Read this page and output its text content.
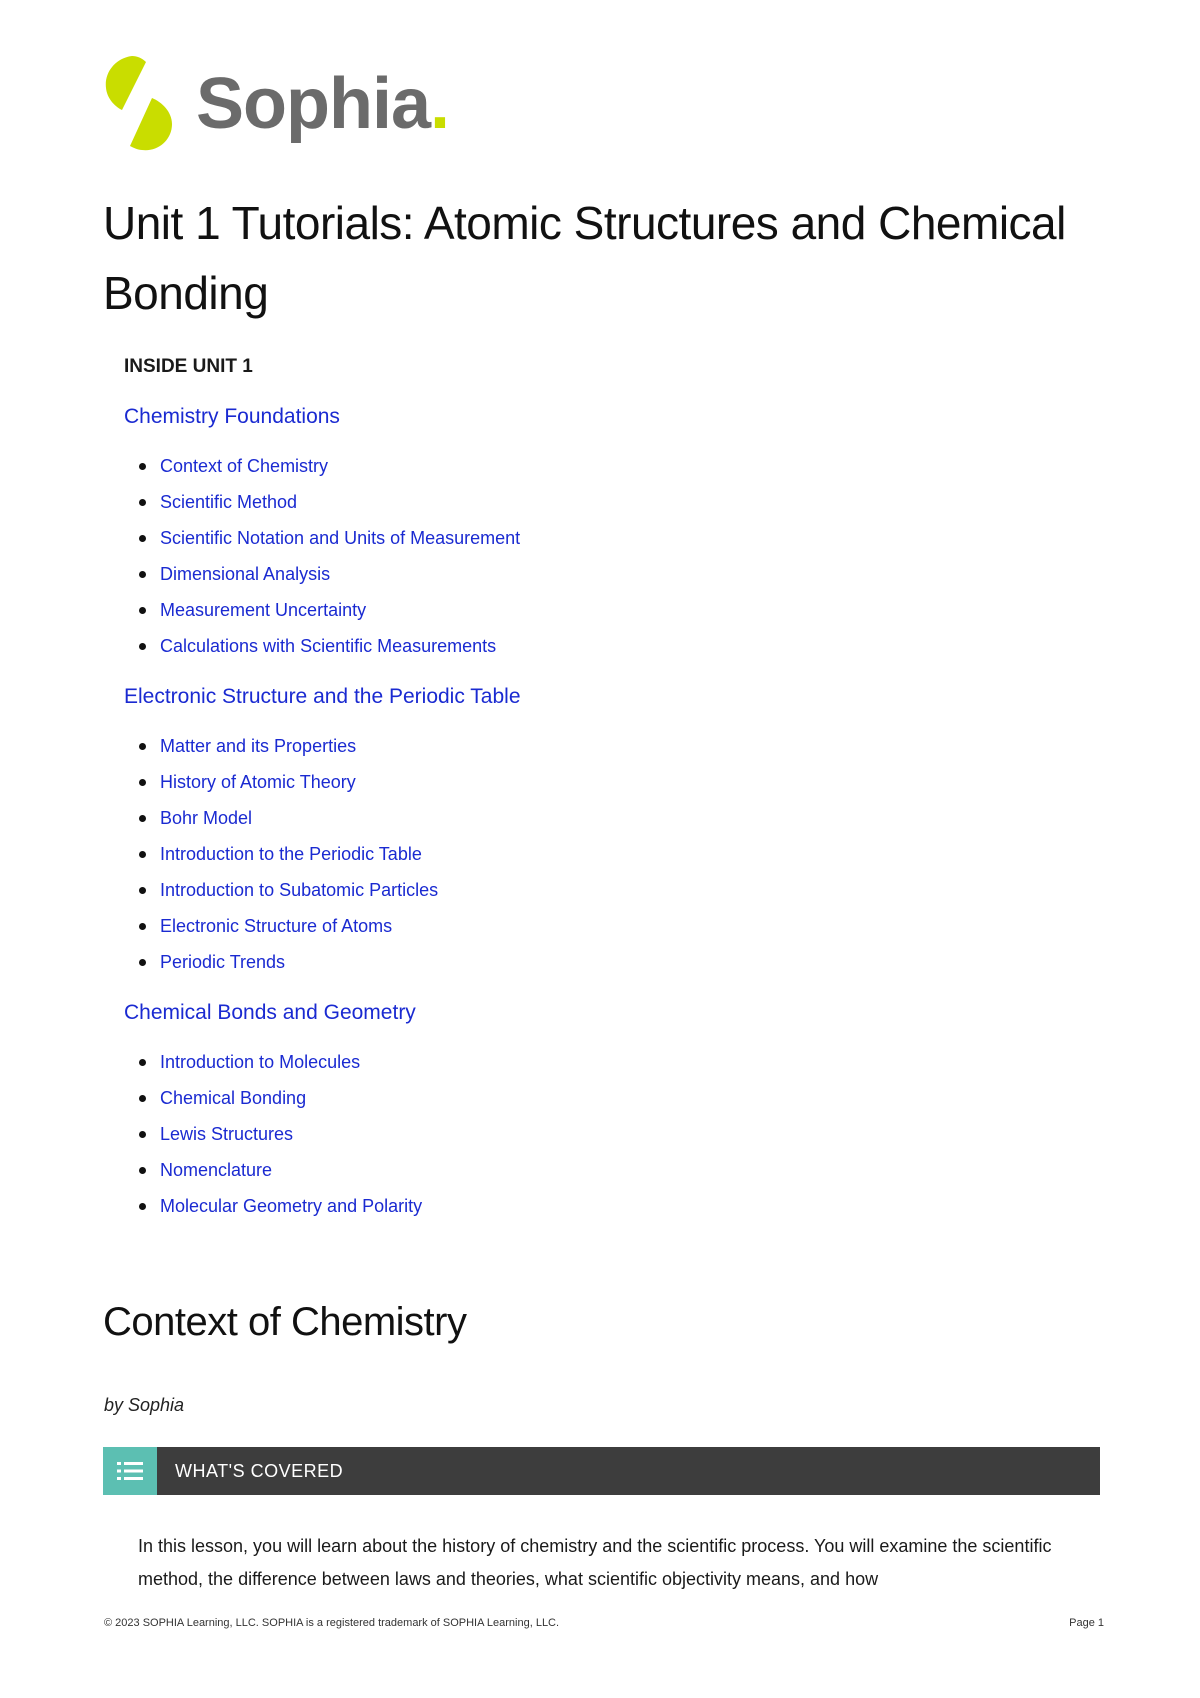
Sophia.
Unit 1 Tutorials: Atomic Structures and Chemical Bonding
INSIDE UNIT 1
Chemistry Foundations
Context of Chemistry
Scientific Method
Scientific Notation and Units of Measurement
Dimensional Analysis
Measurement Uncertainty
Calculations with Scientific Measurements
Electronic Structure and the Periodic Table
Matter and its Properties
History of Atomic Theory
Bohr Model
Introduction to the Periodic Table
Introduction to Subatomic Particles
Electronic Structure of Atoms
Periodic Trends
Chemical Bonds and Geometry
Introduction to Molecules
Chemical Bonding
Lewis Structures
Nomenclature
Molecular Geometry and Polarity
Context of Chemistry
by Sophia
WHAT'S COVERED
In this lesson, you will learn about the history of chemistry and the scientific process. You will examine the scientific method, the difference between laws and theories, what scientific objectivity means, and how
© 2023 SOPHIA Learning, LLC. SOPHIA is a registered trademark of SOPHIA Learning, LLC.	Page 1
